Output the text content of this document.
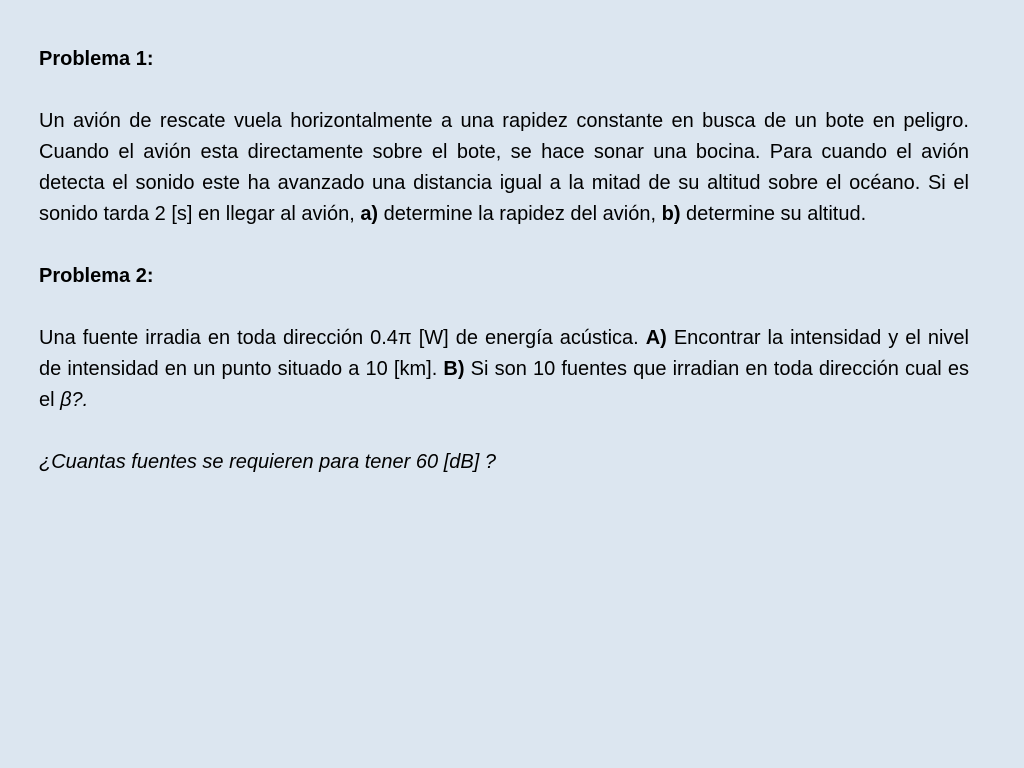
Problema 1:

Un avión de rescate vuela horizontalmente a una rapidez constante en busca de un bote en peligro. Cuando el avión esta directamente sobre el bote, se hace sonar una bocina. Para cuando el avión detecta el sonido este ha avanzado una distancia igual a la mitad de su altitud sobre el océano. Si el sonido tarda 2 [s] en llegar al avión, a) determine la rapidez del avión, b) determine su altitud.

Problema 2:

Una fuente irradia en toda dirección 0.4π [W] de energía acústica. A) Encontrar la intensidad y el nivel de intensidad en un punto situado a 10 [km]. B) Si son 10 fuentes que irradian en toda dirección cual es el β?.

¿Cuantas fuentes se requieren para tener 60 [dB] ?
